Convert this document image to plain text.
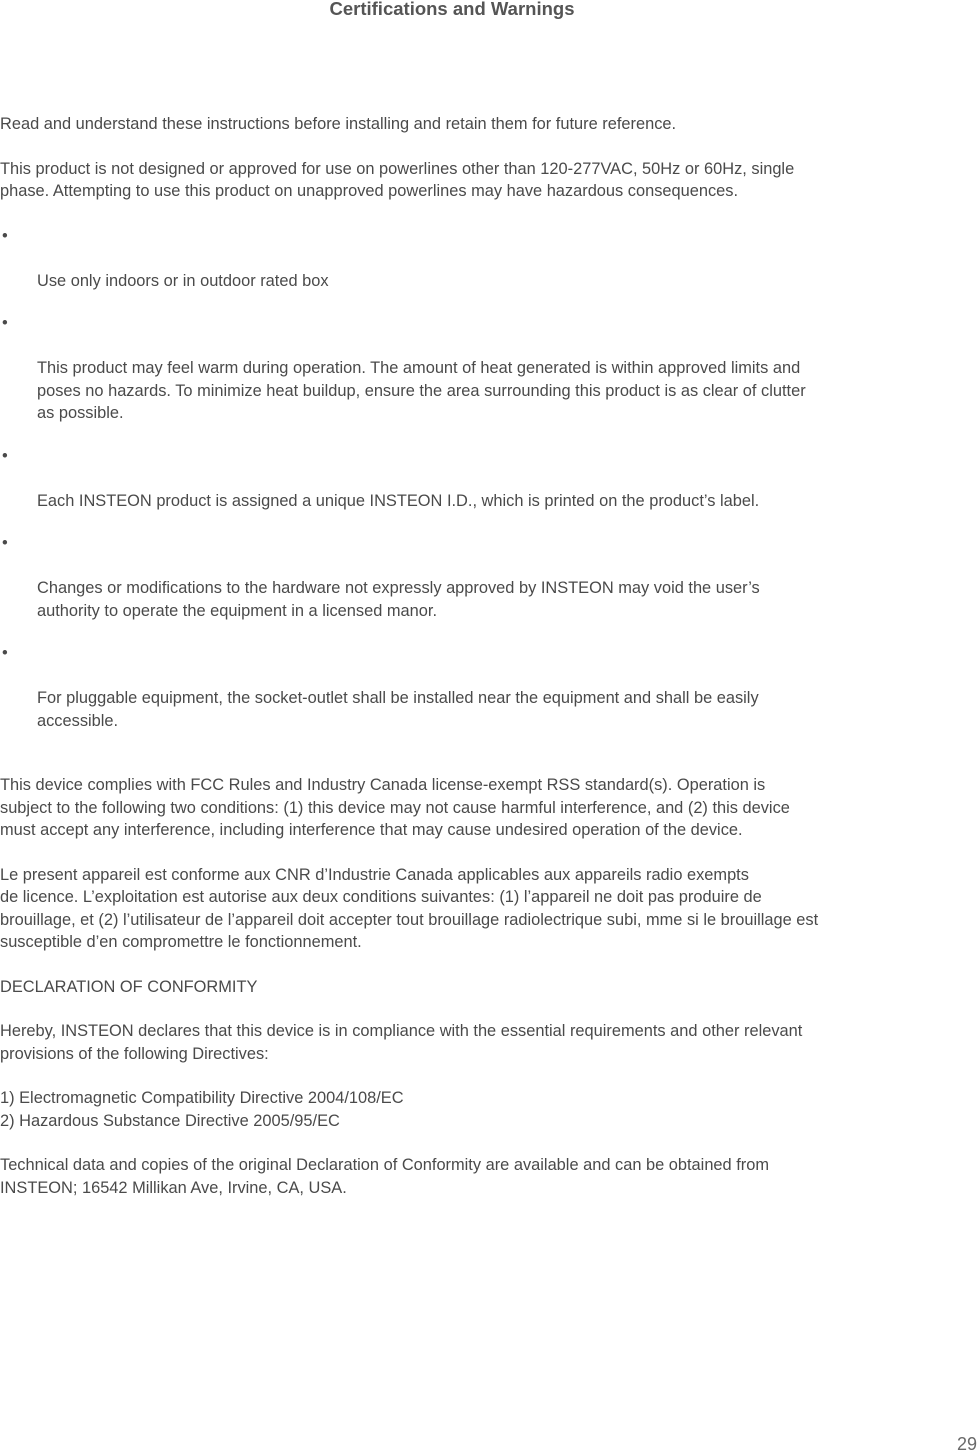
Certifications and Warnings

Read and understand these instructions before installing and retain them for future reference.

This product is not designed or approved for use on powerlines other than 120-277VAC, 50Hz or 60Hz, single
phase. Attempting to use this product on unapproved powerlines may have hazardous consequences.

•

Use only indoors or in outdoor rated box

•

This product may feel warm during operation. The amount of heat generated is within approved limits and
poses no hazards. To minimize heat buildup, ensure the area surrounding this product is as clear of clutter
as possible.

•

Each INSTEON product is assigned a unique INSTEON I.D., which is printed on the product’s label.

•

Changes or modifications to the hardware not expressly approved by INSTEON may void the user’s
authority to operate the equipment in a licensed manor.

•

For pluggable equipment, the socket-outlet shall be installed near the equipment and shall be easily
accessible.

This device complies with FCC Rules and Industry Canada license-exempt RSS standard(s). Operation is
subject to the following two conditions: (1) this device may not cause harmful interference, and (2) this device
must accept any interference, including interference that may cause undesired operation of the device.

Le present appareil est conforme aux CNR d’Industrie Canada applicables aux appareils radio exempts
de licence. L’exploitation est autorise aux deux conditions suivantes: (1) l’appareil ne doit pas produire de
brouillage, et (2) l’utilisateur de l’appareil doit accepter tout brouillage radiolectrique subi, mme si le brouillage est
susceptible d’en compromettre le fonctionnement.

DECLARATION OF CONFORMITY

Hereby, INSTEON declares that this device is in compliance with the essential requirements and other relevant
provisions of the following Directives:

1) Electromagnetic Compatibility Directive 2004/108/EC
2) Hazardous Substance Directive 2005/95/EC

Technical data and copies of the original Declaration of Conformity are available and can be obtained from
INSTEON; 16542 Millikan Ave, Irvine, CA, USA.

29
